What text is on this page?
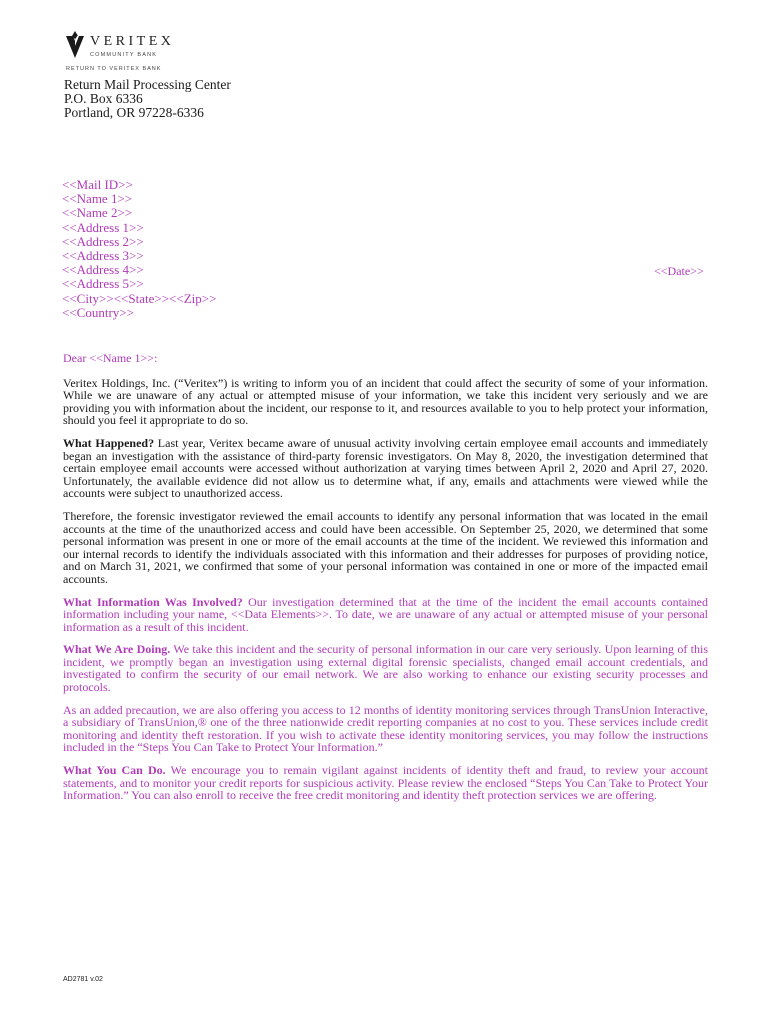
VERITEX
COMMUNITY BANK
RETURN TO VERITEX BANK
Return Mail Processing Center
P.O. Box 6336
Portland, OR 97228-6336
<<Mail ID>>
<<Name 1>>
<<Name 2>>
<<Address 1>>
<<Address 2>>
<<Address 3>>
<<Address 4>>
<<Address 5>>
<<City>><<State>><<Zip>>
<<Country>>
<<Date>>

Dear <<Name 1>>:

Veritex Holdings, Inc. (“Veritex”) is writing to inform you of an incident that could affect the security of some of your information. While we are unaware of any actual or attempted misuse of your information, we take this incident very seriously and we are providing you with information about the incident, our response to it, and resources available to you to help protect your information, should you feel it appropriate to do so.

What Happened? Last year, Veritex became aware of unusual activity involving certain employee email accounts and immediately began an investigation with the assistance of third-party forensic investigators. On May 8, 2020, the investigation determined that certain employee email accounts were accessed without authorization at varying times between April 2, 2020 and April 27, 2020. Unfortunately, the available evidence did not allow us to determine what, if any, emails and attachments were viewed while the accounts were subject to unauthorized access.

Therefore, the forensic investigator reviewed the email accounts to identify any personal information that was located in the email accounts at the time of the unauthorized access and could have been accessible. On September 25, 2020, we determined that some personal information was present in one or more of the email accounts at the time of the incident. We reviewed this information and our internal records to identify the individuals associated with this information and their addresses for purposes of providing notice, and on March 31, 2021, we confirmed that some of your personal information was contained in one or more of the impacted email accounts.

What Information Was Involved? Our investigation determined that at the time of the incident the email accounts contained information including your name, <<Data Elements>>. To date, we are unaware of any actual or attempted misuse of your personal information as a result of this incident.

What We Are Doing. We take this incident and the security of personal information in our care very seriously. Upon learning of this incident, we promptly began an investigation using external digital forensic specialists, changed email account credentials, and investigated to confirm the security of our email network. We are also working to enhance our existing security processes and protocols.

As an added precaution, we are also offering you access to 12 months of identity monitoring services through TransUnion Interactive, a subsidiary of TransUnion,® one of the three nationwide credit reporting companies at no cost to you. These services include credit monitoring and identity theft restoration. If you wish to activate these identity monitoring services, you may follow the instructions included in the “Steps You Can Take to Protect Your Information.”

What You Can Do. We encourage you to remain vigilant against incidents of identity theft and fraud, to review your account statements, and to monitor your credit reports for suspicious activity. Please review the enclosed “Steps You Can Take to Protect Your Information.” You can also enroll to receive the free credit monitoring and identity theft protection services we are offering.

AD2781 v.02
